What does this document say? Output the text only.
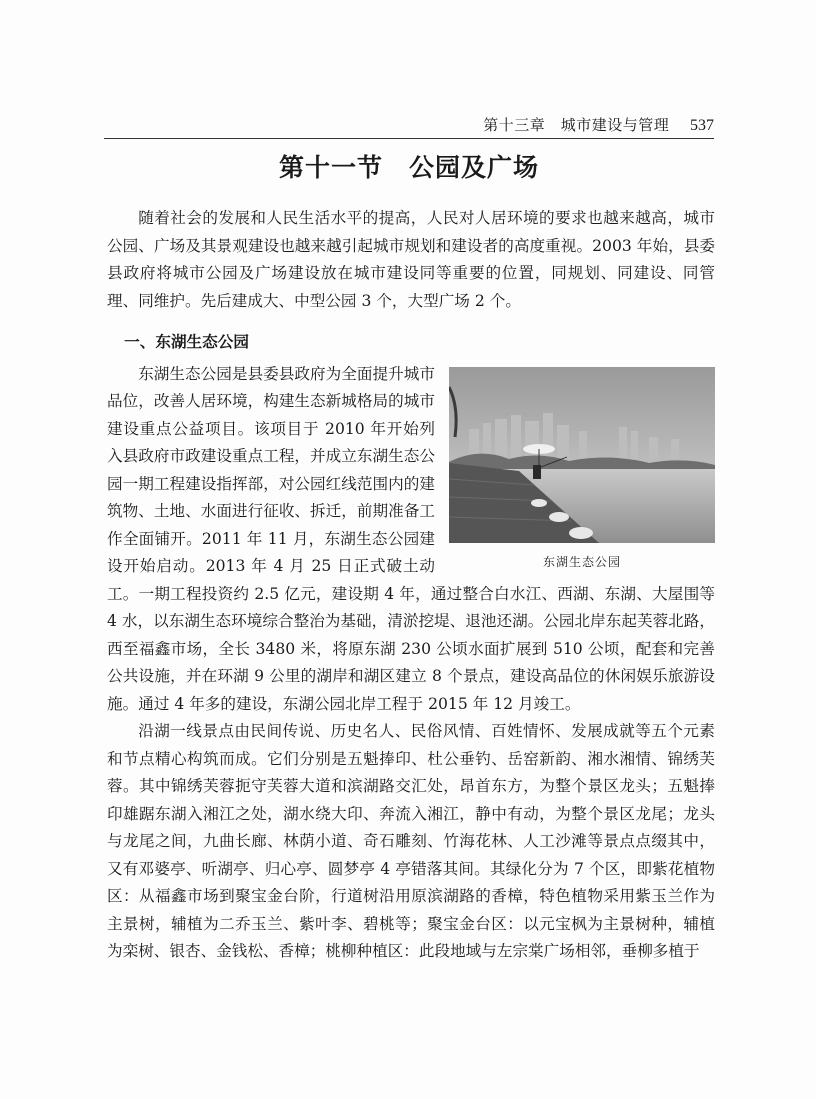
第十三章　城市建设与管理 537
第十一节　公园及广场

随着社会的发展和人民生活水平的提高，人民对人居环境的要求也越来越高，城市公园、广场及其景观建设也越来越引起城市规划和建设者的高度重视。2003 年始，县委县政府将城市公园及广场建设放在城市建设同等重要的位置，同规划、同建设、同管理、同维护。先后建成大、中型公园 3 个，大型广场 2 个。

一、东湖生态公园
东湖生态公园

东湖生态公园是县委县政府为全面提升城市品位，改善人居环境，构建生态新城格局的城市建设重点公益项目。该项目于 2010 年开始列入县政府市政建设重点工程，并成立东湖生态公园一期工程建设指挥部，对公园红线范围内的建筑物、土地、水面进行征收、拆迁，前期准备工作全面铺开。2011 年 11 月，东湖生态公园建设开始启动。2013 年 4 月 25 日正式破土动工。一期工程投资约 2.5 亿元，建设期 4 年，通过整合白水江、西湖、东湖、大屋围等 4 水，以东湖生态环境综合整治为基础，清淤挖堤、退池还湖。公园北岸东起芙蓉北路，西至福鑫市场，全长 3480 米，将原东湖 230 公顷水面扩展到 510 公顷，配套和完善公共设施，并在环湖 9 公里的湖岸和湖区建立 8 个景点，建设高品位的休闲娱乐旅游设施。通过 4 年多的建设，东湖公园北岸工程于 2015 年 12 月竣工。

沿湖一线景点由民间传说、历史名人、民俗风情、百姓情怀、发展成就等五个元素和节点精心构筑而成。它们分别是五魁捧印、杜公垂钓、岳窑新韵、湘水湘情、锦绣芙蓉。其中锦绣芙蓉扼守芙蓉大道和滨湖路交汇处，昂首东方，为整个景区龙头；五魁捧印雄踞东湖入湘江之处，湖水绕大印、奔流入湘江，静中有动，为整个景区龙尾；龙头与龙尾之间，九曲长廊、林荫小道、奇石雕刻、竹海花林、人工沙滩等景点点缀其中，又有邓婆亭、听湖亭、归心亭、圆梦亭 4 亭错落其间。其绿化分为 7 个区，即紫花植物区：从福鑫市场到聚宝金台阶，行道树沿用原滨湖路的香樟，特色植物采用紫玉兰作为主景树，辅植为二乔玉兰、紫叶李、碧桃等；聚宝金台区：以元宝枫为主景树种，辅植为栾树、银杏、金钱松、香樟；桃柳种植区：此段地域与左宗棠广场相邻，垂柳多植于
